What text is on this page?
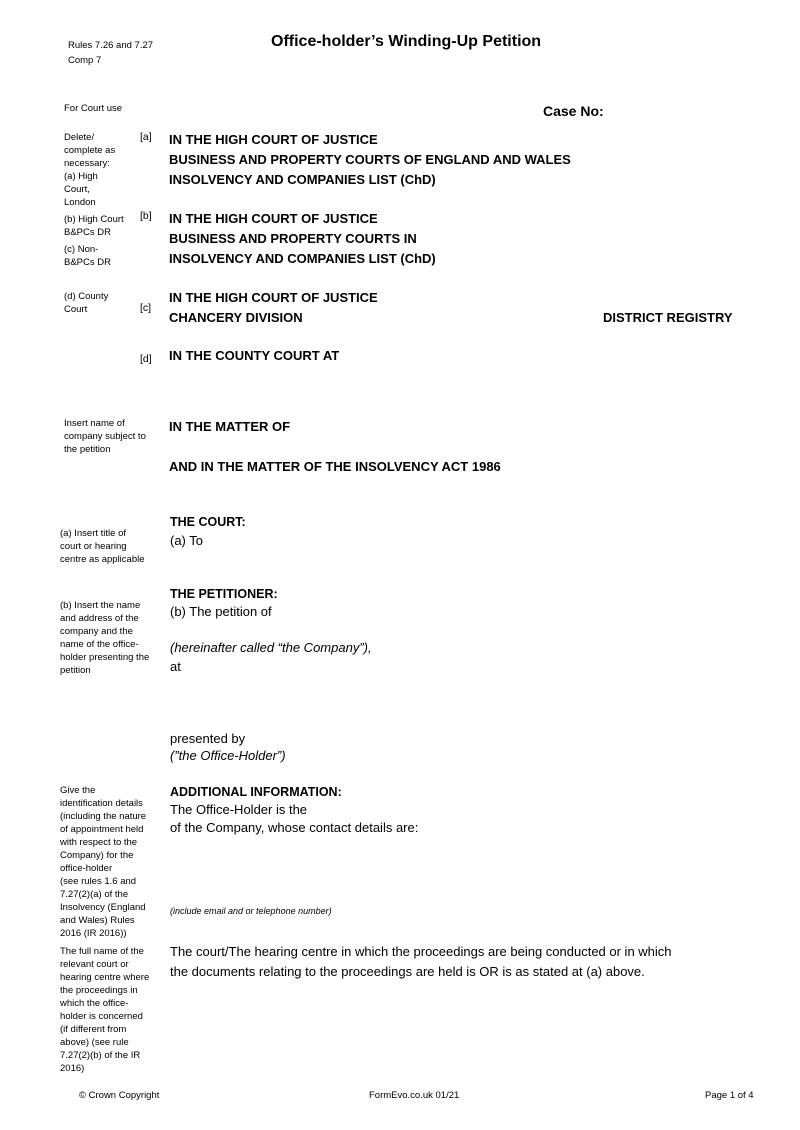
Rules 7.26 and 7.27
Comp 7
Office-holder’s Winding-Up Petition
For Court use	Case No:
Delete/
complete as
necessary:
(a) High
Court,
London
(b) High Court
B&PCs DR
(c) Non-
B&PCs DR
(d) County
Court
Insert name of
company subject to
the petition
(a) Insert title of
court or hearing
centre as applicable
(b) Insert the name
and address of the
company and the
name of the office-
holder presenting the
petition
Give the
identification details
(including the nature
of appointment held
with respect to the
Company) for the
office-holder
(see rules 1.6 and
7.27(2)(a) of the
Insolvency (England
and Wales) Rules
2016 (IR 2016))
The full name of the
relevant court or
hearing centre where
the proceedings in
which the office-
holder is concerned
(if different from
above) (see rule
7.27(2)(b) of the IR
2016)
[a]
[b]
[c]
[d]
IN THE HIGH COURT OF JUSTICE
BUSINESS AND PROPERTY COURTS OF ENGLAND AND WALES
INSOLVENCY AND COMPANIES LIST (ChD)
IN THE HIGH COURT OF JUSTICE
BUSINESS AND PROPERTY COURTS IN
INSOLVENCY AND COMPANIES LIST (ChD)
IN THE HIGH COURT OF JUSTICE
CHANCERY DIVISION	DISTRICT REGISTRY
IN THE COUNTY COURT AT
IN THE MATTER OF
AND IN THE MATTER OF THE INSOLVENCY ACT 1986
THE COURT:
(a) To
THE PETITIONER:
(b) The petition of
(hereinafter called “the Company”),
at
presented by
(”the Office-Holder”)
ADDITIONAL INFORMATION:
The Office-Holder is the
of the Company, whose contact details are:
(include email and or telephone number)
The court/The hearing centre in which the proceedings are being conducted or in which
the documents relating to the proceedings are held is OR is as stated at (a) above.
© Crown Copyright	FormEvo.co.uk 01/21	Page 1 of 4
